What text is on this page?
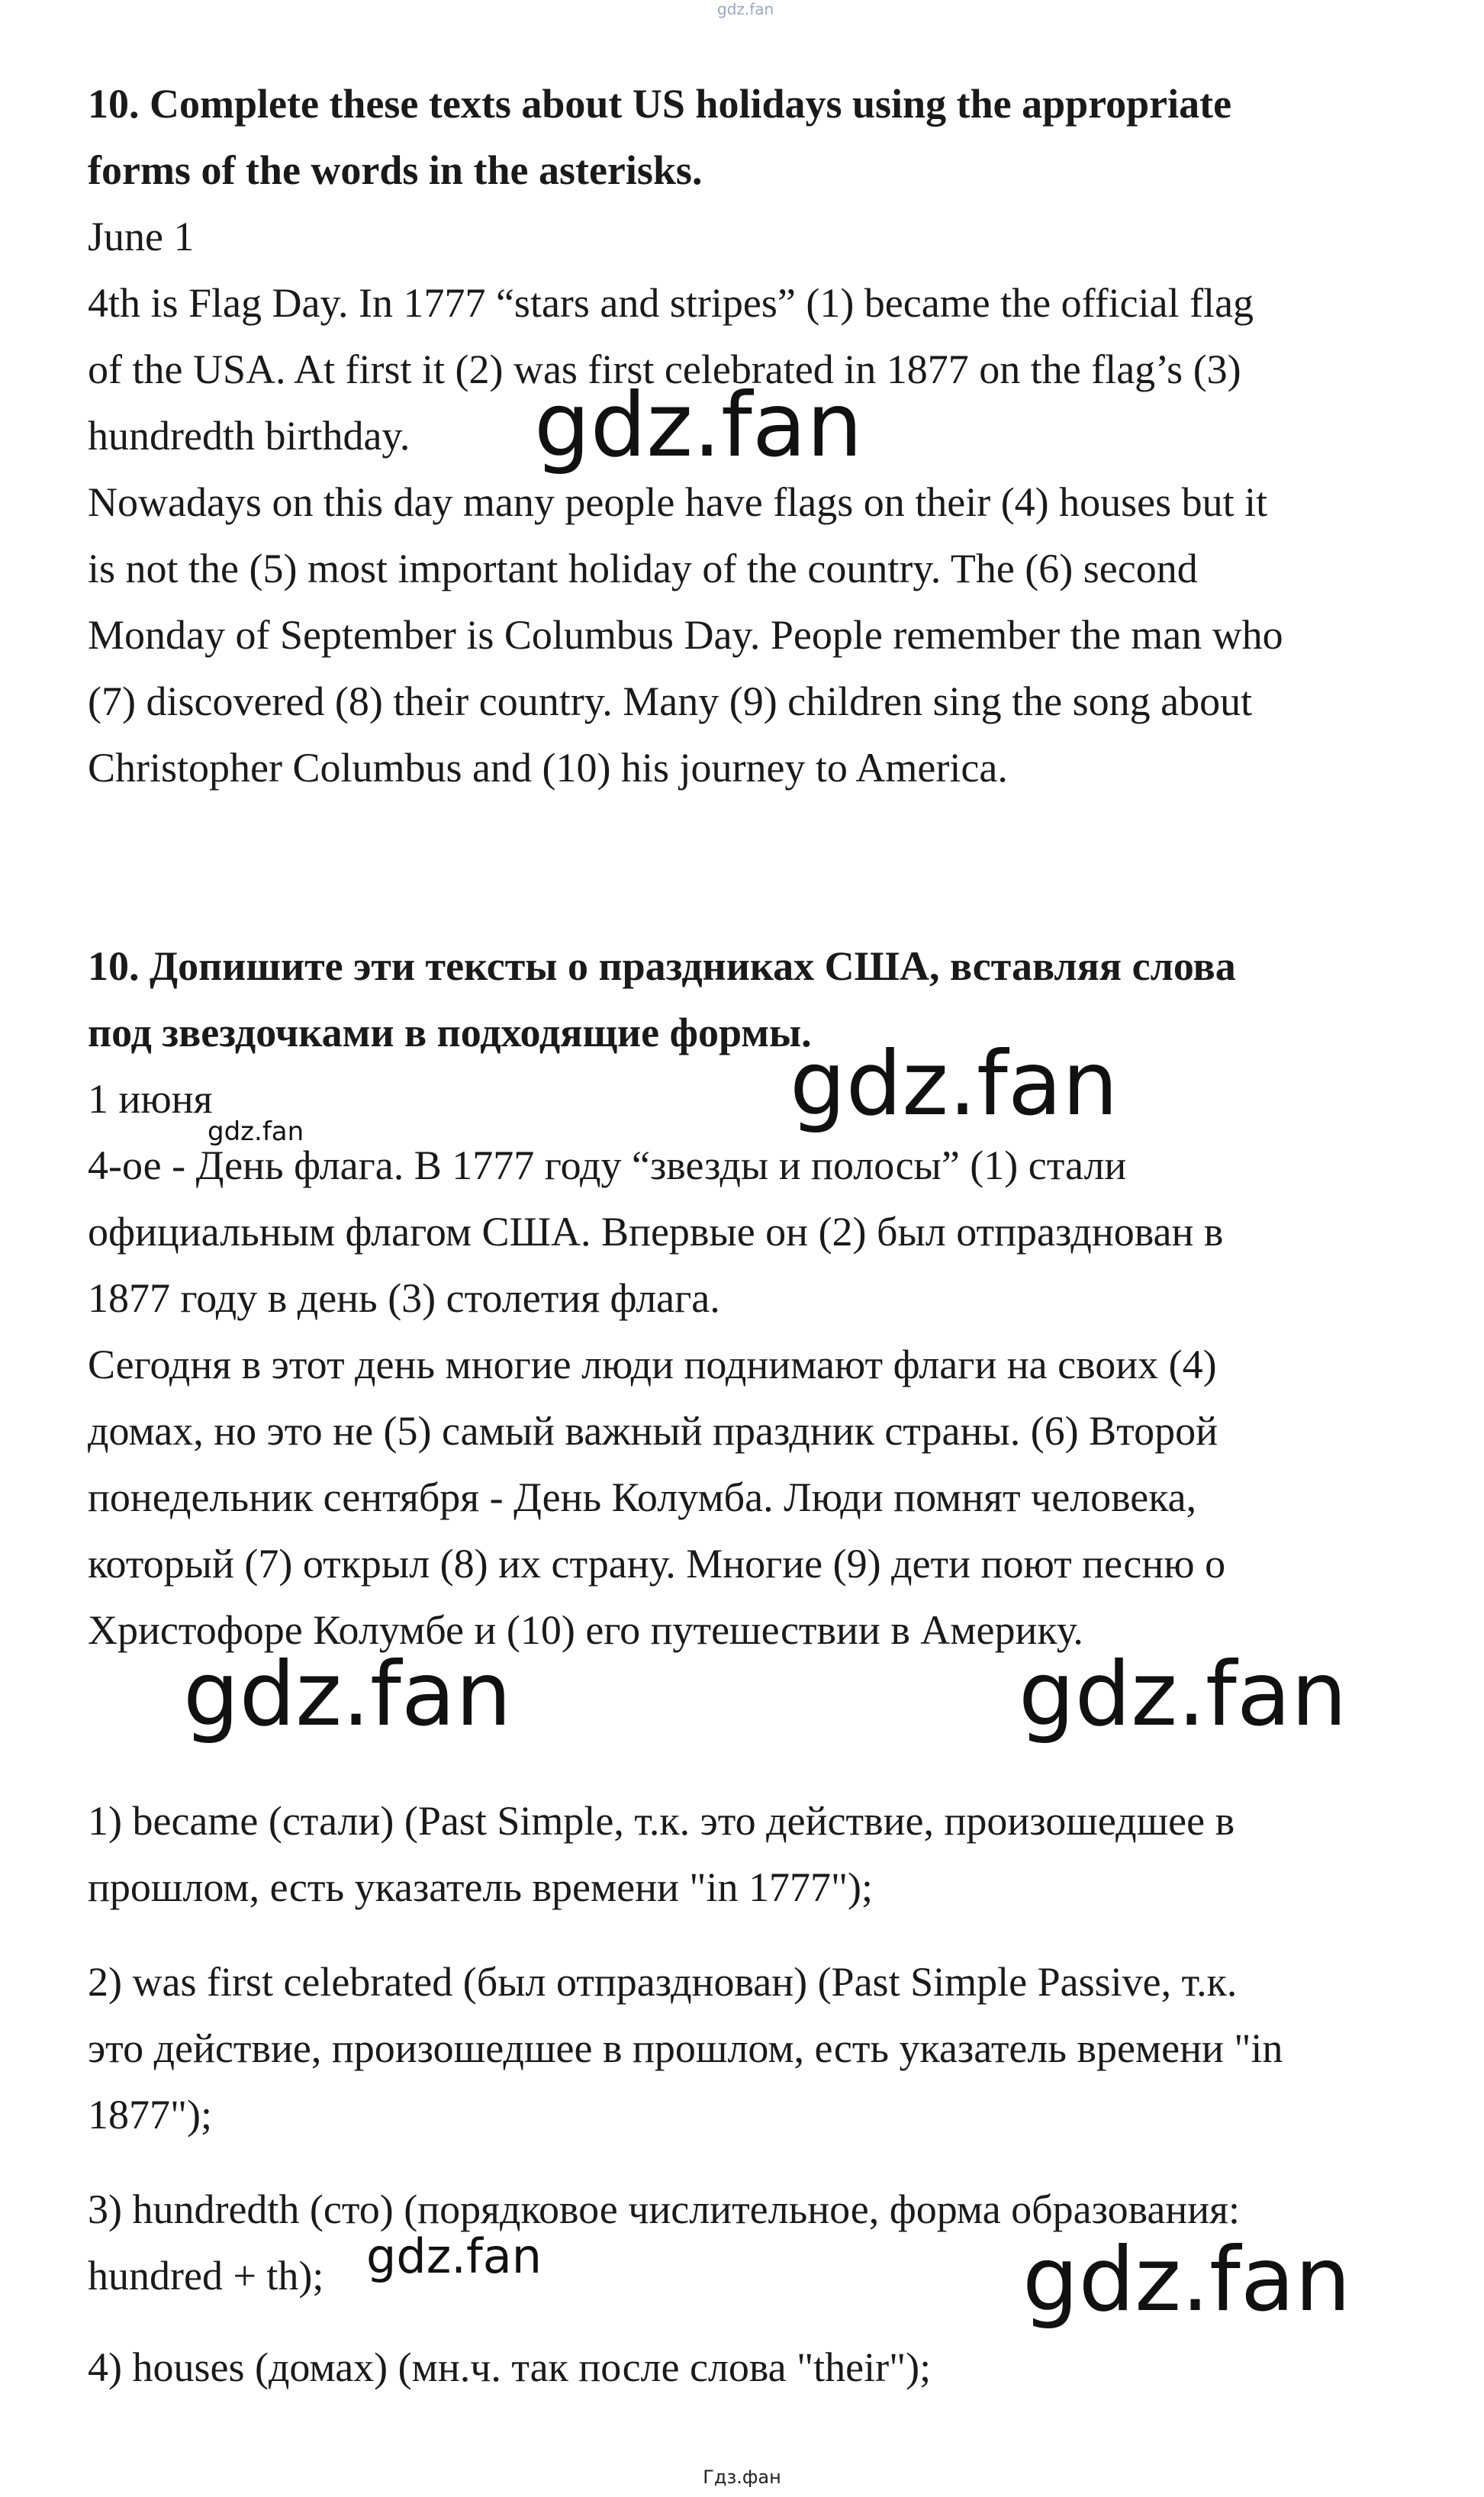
gdz.fan

10. Complete these texts about US holidays using the appropriate

forms of the words in the asterisks.

June 1

4th is Flag Day. In 1777 “stars and stripes” (1) became the official flag

of the USA. At first it (2) was first celebrated in 1877 on the flag’s (3)

hundredth birthday.

Nowadays on this day many people have flags on their (4) houses but it

is not the (5) most important holiday of the country. The (6) second

Monday of September is Columbus Day. People remember the man who

(7) discovered (8) their country. Many (9) children sing the song about

Christopher Columbus and (10) his journey to America.

10. Допишите эти тексты о праздниках США, вставляя слова

под звездочками в подходящие формы.

1 июня

4-ое - День флага. В 1777 году “звезды и полосы” (1) стали

официальным флагом США. Впервые он (2) был отпразднован в

1877 году в день (3) столетия флага.

Сегодня в этот день многие люди поднимают флаги на своих (4)

домах, но это не (5) самый важный праздник страны. (6) Второй

понедельник сентября - День Колумба. Люди помнят человека,

который (7) открыл (8) их страну. Многие (9) дети поют песню о

Христофоре Колумбе и (10) его путешествии в Америку.

1) became (стали) (Past Simple, т.к. это действие, произошедшее в

прошлом, есть указатель времени "in 1777");

2) was first celebrated (был отпразднован) (Past Simple Passive, т.к.

это действие, произошедшее в прошлом, есть указатель времени "in

1877");

3) hundredth (сто) (порядковое числительное, форма образования:

hundred + th);

4) houses (домах) (мн.ч. так после слова "their");

gdz.fan
gdz.fan
gdz.fan
gdz.fan	gdz.fan
gdz.fan	gdz.fan
Гдз.фан
